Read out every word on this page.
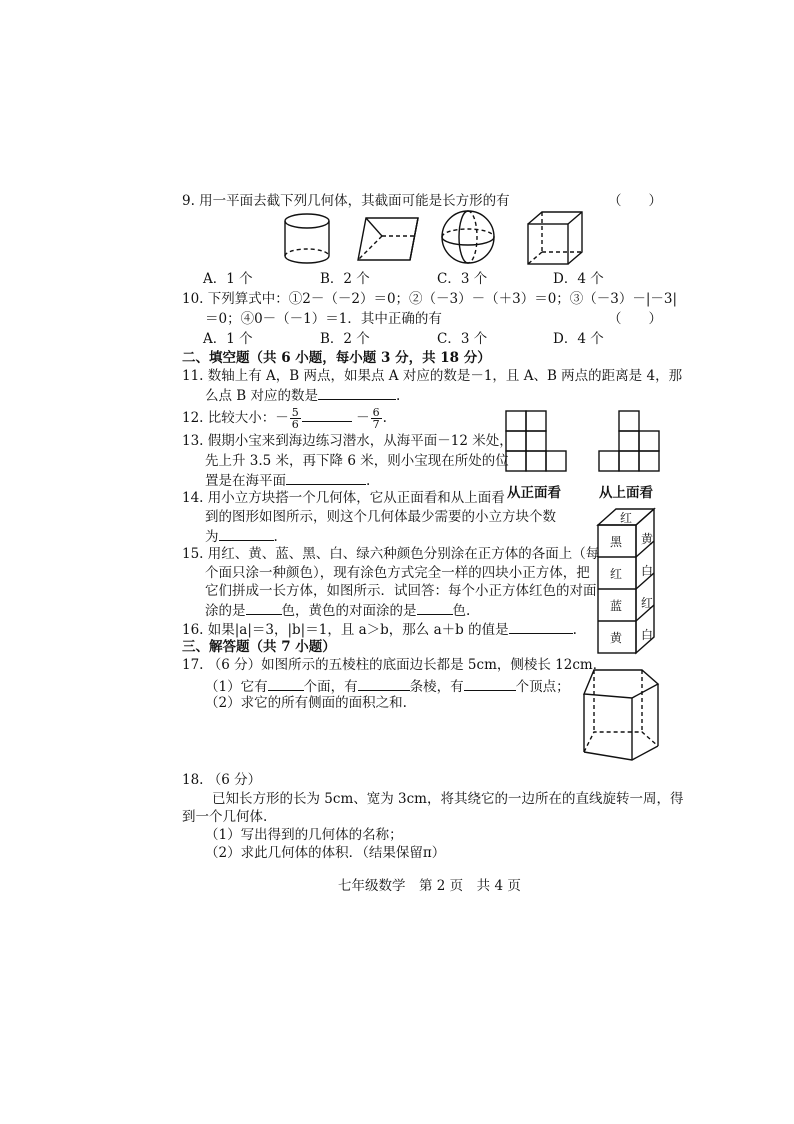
9. 用一平面去截下列几何体，其截面可能是长方形的有	（　　）
A．1 个	B．2 个	C．3 个	D．4 个
10. 下列算式中：①2－（－2）＝0；②（－3）－（＋3）＝0；③（－3）－|－3|
＝0；④0－（－1）＝1．其中正确的有	（　　）
A．1 个	B．2 个	C．3 个	D．4 个
二、填空题（共 6 小题，每小题 3 分，共 18 分）
11. 数轴上有 A，B 两点，如果点 A 对应的数是－1，且 A、B 两点的距离是 4，那
么点 B 对应的数是	.
12. 比较大小：－ $\frac{5}{6}$	－ $\frac{6}{7}$ .
13. 假期小宝来到海边练习潜水，从海平面－12 米处，
先上升 3.5 米，再下降 6 米，则小宝现在所处的位
置是在海平面	.
从正面看	从上面看
14. 用小立方块搭一个几何体，它从正面看和从上面看
到的图形如图所示，则这个几何体最少需要的小立方块个数
为	.
红
黑
红
蓝
黄
黄
白
红
白
15. 用红、黄、蓝、黑、白、绿六种颜色分别涂在正方体的各面上（每
个面只涂一种颜色），现有涂色方式完全一样的四块小正方体，把
它们拼成一长方体，如图所示．试回答：每个小正方体红色的对面
涂的是	色，黄色的对面涂的是	色.
16. 如果|a|＝3，|b|＝1，且 a＞b，那么 a＋b 的值是	.
三、解答题（共 7 小题）
17. （6 分）如图所示的五棱柱的底面边长都是 5cm，侧棱长 12cm．
（1）它有	个面，有	条棱，有	个顶点；
（2）求它的所有侧面的面积之和.
18. （6 分）
已知长方形的长为 5cm、宽为 3cm，将其绕它的一边所在的直线旋转一周，得
到一个几何体.
（1）写出得到的几何体的名称；
（2）求此几何体的体积．（结果保留π）
七年级数学　第 2 页　共 4 页
